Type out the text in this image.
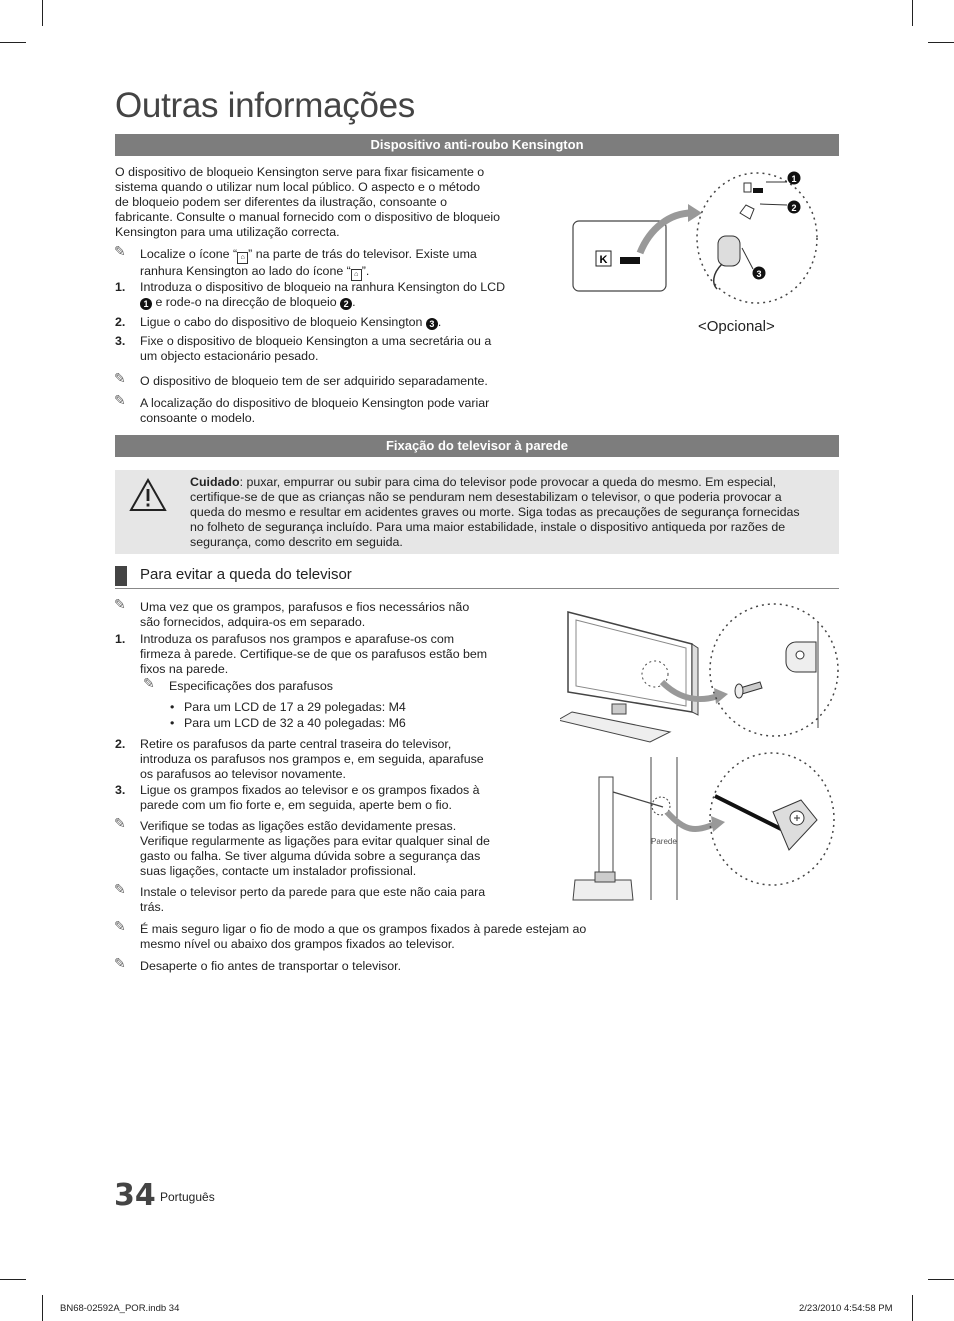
Outras informações
Dispositivo anti-roubo Kensington
O dispositivo de bloqueio Kensington serve para fixar fisicamente o
sistema quando o utilizar num local público. O aspecto e o método
de bloqueio podem ser diferentes da ilustração, consoante o
fabricante. Consulte o manual fornecido com o dispositivo de bloqueio
Kensington para uma utilização correcta.
✎ Localize o ícone “ ⌂ ” na parte de trás do televisor. Existe uma
ranhura Kensington ao lado do ícone “ ⌂ ”.
1. Introduza o dispositivo de bloqueio na ranhura Kensington do LCD
1 e rode-o na direcção de bloqueio 2 .
2. Ligue o cabo do dispositivo de bloqueio Kensington 3 .
3. Fixe o dispositivo de bloqueio Kensington a uma secretária ou a
um objecto estacionário pesado.
✎ O dispositivo de bloqueio tem de ser adquirido separadamente.
✎ A localização do dispositivo de bloqueio Kensington pode variar
consoante o modelo.
K
1
2
3
<Opcional>
Fixação do televisor à parede
Cuidado: puxar, empurrar ou subir para cima do televisor pode provocar a queda do mesmo. Em especial,
certifique-se de que as crianças não se penduram nem desestabilizam o televisor, o que poderia provocar a
queda do mesmo e resultar em acidentes graves ou morte. Siga todas as precauções de segurança fornecidas
no folheto de segurança incluído. Para uma maior estabilidade, instale o dispositivo antiqueda por razões de
segurança, como descrito em seguida.
Para evitar a queda do televisor
✎ Uma vez que os grampos, parafusos e fios necessários não
são fornecidos, adquira-os em separado.
1. Introduza os parafusos nos grampos e aparafuse-os com
firmeza à parede. Certifique-se de que os parafusos estão bem
fixos na parede.
✎ Especificações dos parafusos
• Para um LCD de 17 a 29 polegadas: M4
• Para um LCD de 32 a 40 polegadas: M6
2. Retire os parafusos da parte central traseira do televisor,
introduza os parafusos nos grampos e, em seguida, aparafuse
os parafusos ao televisor novamente.
3. Ligue os grampos fixados ao televisor e os grampos fixados à
parede com um fio forte e, em seguida, aperte bem o fio.
✎ Verifique se todas as ligações estão devidamente presas.
Verifique regularmente as ligações para evitar qualquer sinal de
gasto ou falha. Se tiver alguma dúvida sobre a segurança das
suas ligações, contacte um instalador profissional.
✎ Instale o televisor perto da parede para que este não caia para
trás.
✎ É mais seguro ligar o fio de modo a que os grampos fixados à parede estejam ao
mesmo nível ou abaixo dos grampos fixados ao televisor.
✎ Desaperte o fio antes de transportar o televisor.
Parede
34 Português
BN68-02592A_POR.indb 34	2/23/2010 4:54:58 PM
